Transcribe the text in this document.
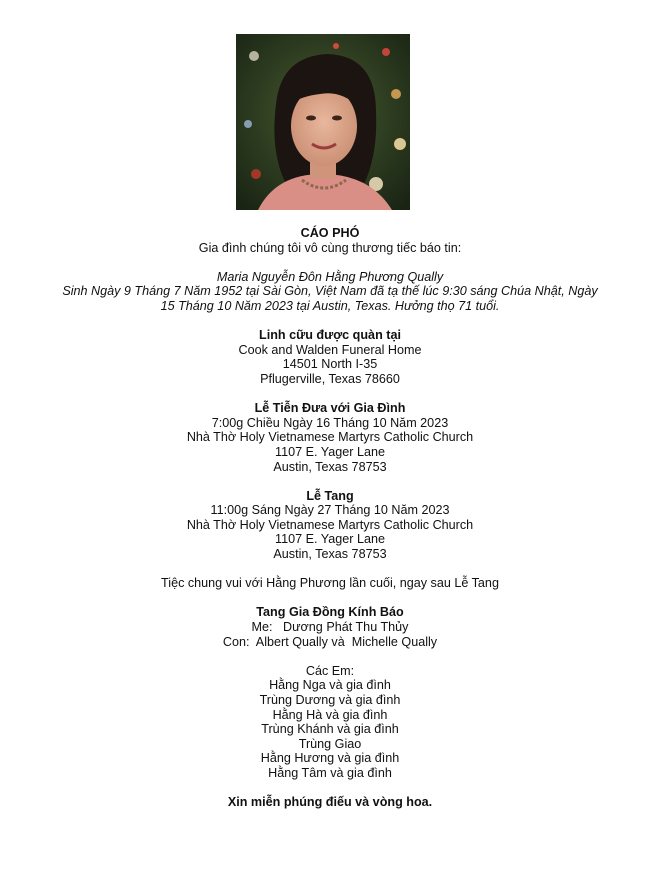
CÁO PHÓ
Gia đình chúng tôi vô cùng thương tiếc báo tin:
Maria Nguyễn Đôn Hằng Phương Qually
Sinh Ngày 9 Tháng 7 Năm 1952 tại Sài Gòn, Việt Nam đã tạ thế lúc 9:30 sáng Chúa Nhật, Ngày
15 Tháng 10 Năm 2023 tại Austin, Texas. Hưởng thọ 71 tuổi.
Linh cữu được quàn tại
Cook and Walden Funeral Home
14501 North I-35
Pflugerville, Texas 78660
Lễ Tiễn Đưa với Gia Đình
7:00g Chiều Ngày 16 Tháng 10 Năm 2023
Nhà Thờ Holy Vietnamese Martyrs Catholic Church
1107 E. Yager Lane
Austin, Texas 78753
Lễ Tang
11:00g Sáng Ngày 27 Tháng 10 Năm 2023
Nhà Thờ Holy Vietnamese Martyrs Catholic Church
1107 E. Yager Lane
Austin, Texas 78753
Tiệc chung vui với Hằng Phương lần cuối, ngay sau Lễ Tang
Tang Gia Đồng Kính Báo
Me:   Dương Phát Thu Thủy
Con:  Albert Qually và  Michelle Qually
Các Em:
Hằng Nga và gia đình
Trùng Dương và gia đình
Hằng Hà và gia đình
Trùng Khánh và gia đình
Trùng Giao
Hằng Hương và gia đình
Hằng Tâm và gia đình
Xin miễn phúng điếu và vòng hoa.
